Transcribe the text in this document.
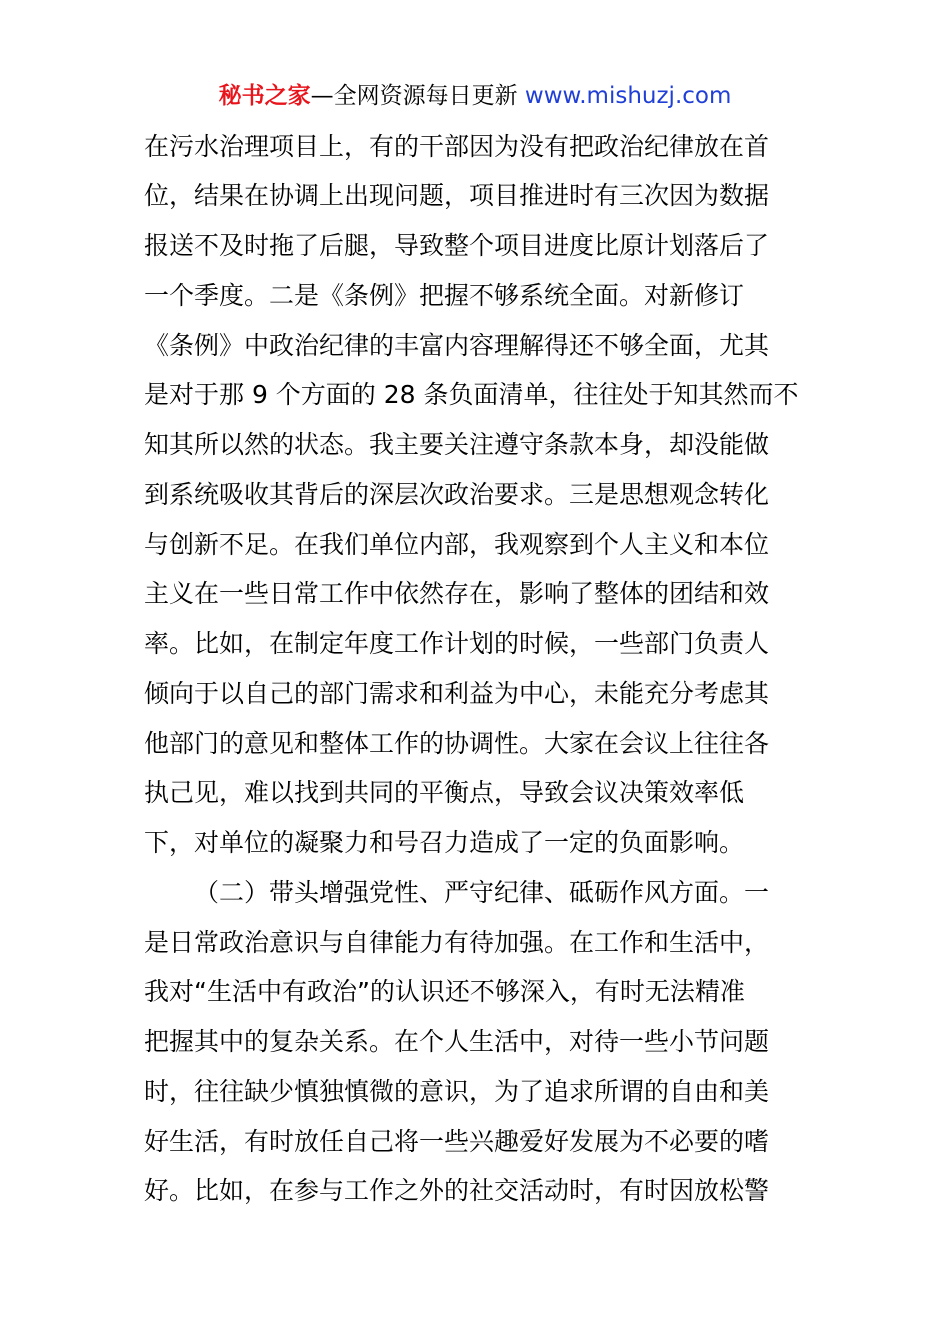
秘书之家—全网资源每日更新 www.mishuzj.com
在污水治理项目上，有的干部因为没有把政治纪律放在首
位，结果在协调上出现问题，项目推进时有三次因为数据
报送不及时拖了后腿，导致整个项目进度比原计划落后了
一个季度。二是《条例》把握不够系统全面。对新修订
《条例》中政治纪律的丰富内容理解得还不够全面，尤其
是对于那 9 个方面的 28 条负面清单，往往处于知其然而不
知其所以然的状态。我主要关注遵守条款本身，却没能做
到系统吸收其背后的深层次政治要求。三是思想观念转化
与创新不足。在我们单位内部，我观察到个人主义和本位
主义在一些日常工作中依然存在，影响了整体的团结和效
率。比如，在制定年度工作计划的时候，一些部门负责人
倾向于以自己的部门需求和利益为中心，未能充分考虑其
他部门的意见和整体工作的协调性。大家在会议上往往各
执己见，难以找到共同的平衡点，导致会议决策效率低
下，对单位的凝聚力和号召力造成了一定的负面影响。
（二）带头增强党性、严守纪律、砥砺作风方面。一
是日常政治意识与自律能力有待加强。在工作和生活中，
我对“生活中有政治”的认识还不够深入，有时无法精准
把握其中的复杂关系。在个人生活中，对待一些小节问题
时，往往缺少慎独慎微的意识，为了追求所谓的自由和美
好生活，有时放任自己将一些兴趣爱好发展为不必要的嗜
好。比如，在参与工作之外的社交活动时，有时因放松警
